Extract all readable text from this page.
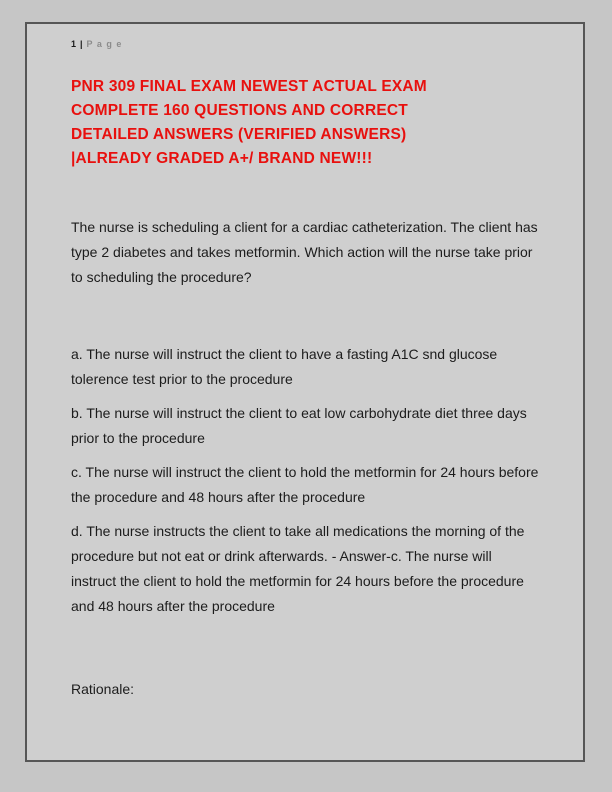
1 | P a g e
PNR 309 FINAL EXAM NEWEST ACTUAL EXAM
COMPLETE 160 QUESTIONS AND CORRECT
DETAILED ANSWERS (VERIFIED ANSWERS)
|ALREADY GRADED A+/ BRAND NEW!!!
The nurse is scheduling a client for a cardiac catheterization. The client has type 2 diabetes and takes metformin. Which action will the nurse take prior to scheduling the procedure?
a. The nurse will instruct the client to have a fasting A1C snd glucose tolerence test prior to the procedure
b. The nurse will instruct the client to eat low carbohydrate diet three days prior to the procedure
c. The nurse will instruct the client to hold the metformin for 24 hours before the procedure and 48 hours after the procedure
d. The nurse instructs the client to take all medications the morning of the procedure but not eat or drink afterwards. - Answer-c. The nurse will instruct the client to hold the metformin for 24 hours before the procedure and 48 hours after the procedure
Rationale:
